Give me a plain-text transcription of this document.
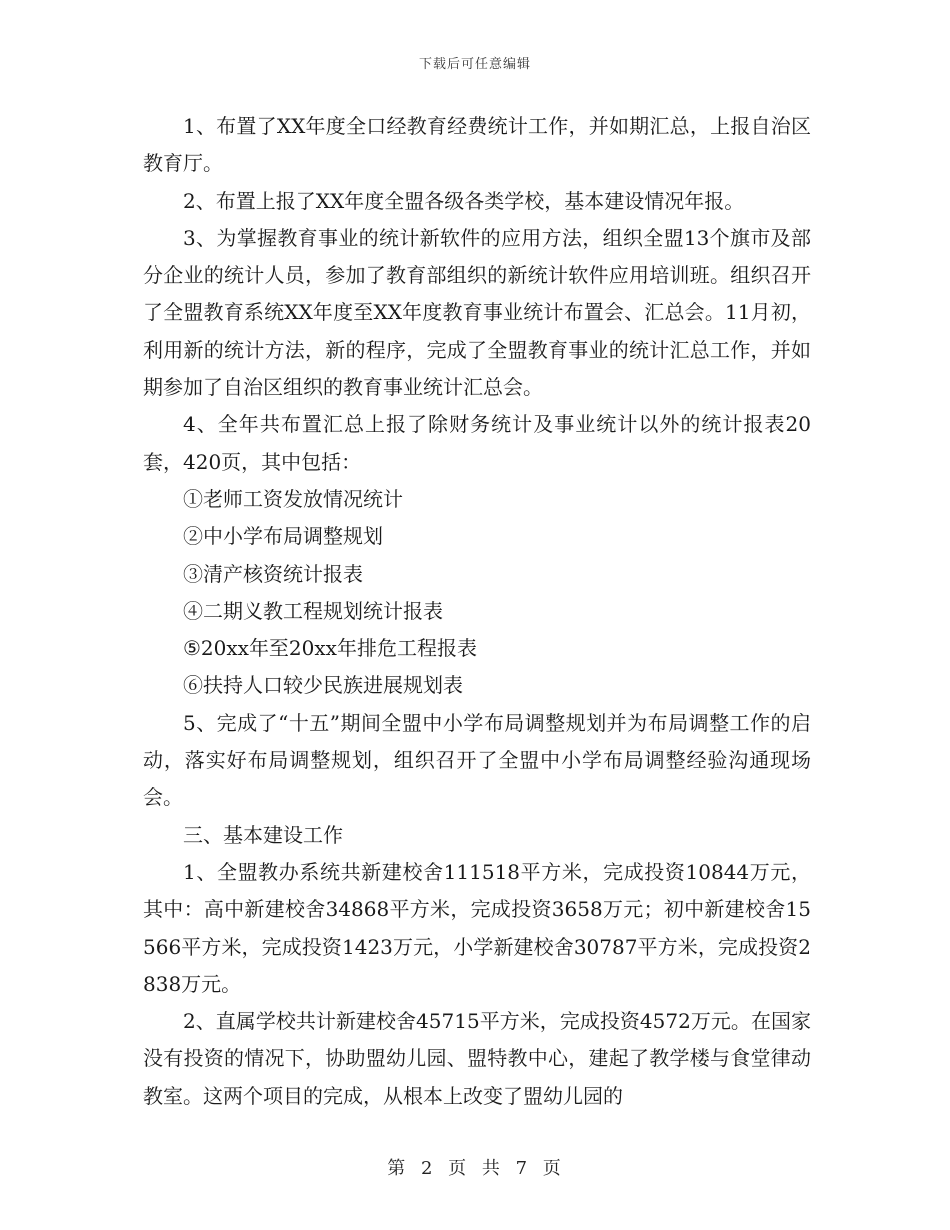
下载后可任意编辑

1、布置了XX年度全口经教育经费统计工作，并如期汇总，上报自治区教育厅。

2、布置上报了XX年度全盟各级各类学校，基本建设情况年报。

3、为掌握教育事业的统计新软件的应用方法，组织全盟13个旗市及部分企业的统计人员，参加了教育部组织的新统计软件应用培训班。组织召开了全盟教育系统XX年度至XX年度教育事业统计布置会、汇总会。11月初，利用新的统计方法，新的程序，完成了全盟教育事业的统计汇总工作，并如期参加了自治区组织的教育事业统计汇总会。

4、全年共布置汇总上报了除财务统计及事业统计以外的统计报表20套，420页，其中包括：

①老师工资发放情况统计

②中小学布局调整规划

③清产核资统计报表

④二期义教工程规划统计报表

⑤20xx年至20xx年排危工程报表

⑥扶持人口较少民族进展规划表

5、完成了“十五”期间全盟中小学布局调整规划并为布局调整工作的启动，落实好布局调整规划，组织召开了全盟中小学布局调整经验沟通现场会。

三、基本建设工作

1、全盟教办系统共新建校舍111518平方米，完成投资10844万元，其中：高中新建校舍34868平方米，完成投资3658万元；初中新建校舍15566平方米，完成投资1423万元，小学新建校舍30787平方米，完成投资2838万元。

2、直属学校共计新建校舍45715平方米，完成投资4572万元。在国家没有投资的情况下，协助盟幼儿园、盟特教中心，建起了教学楼与食堂律动教室。这两个项目的完成，从根本上改变了盟幼儿园的

第 2 页 共 7 页
